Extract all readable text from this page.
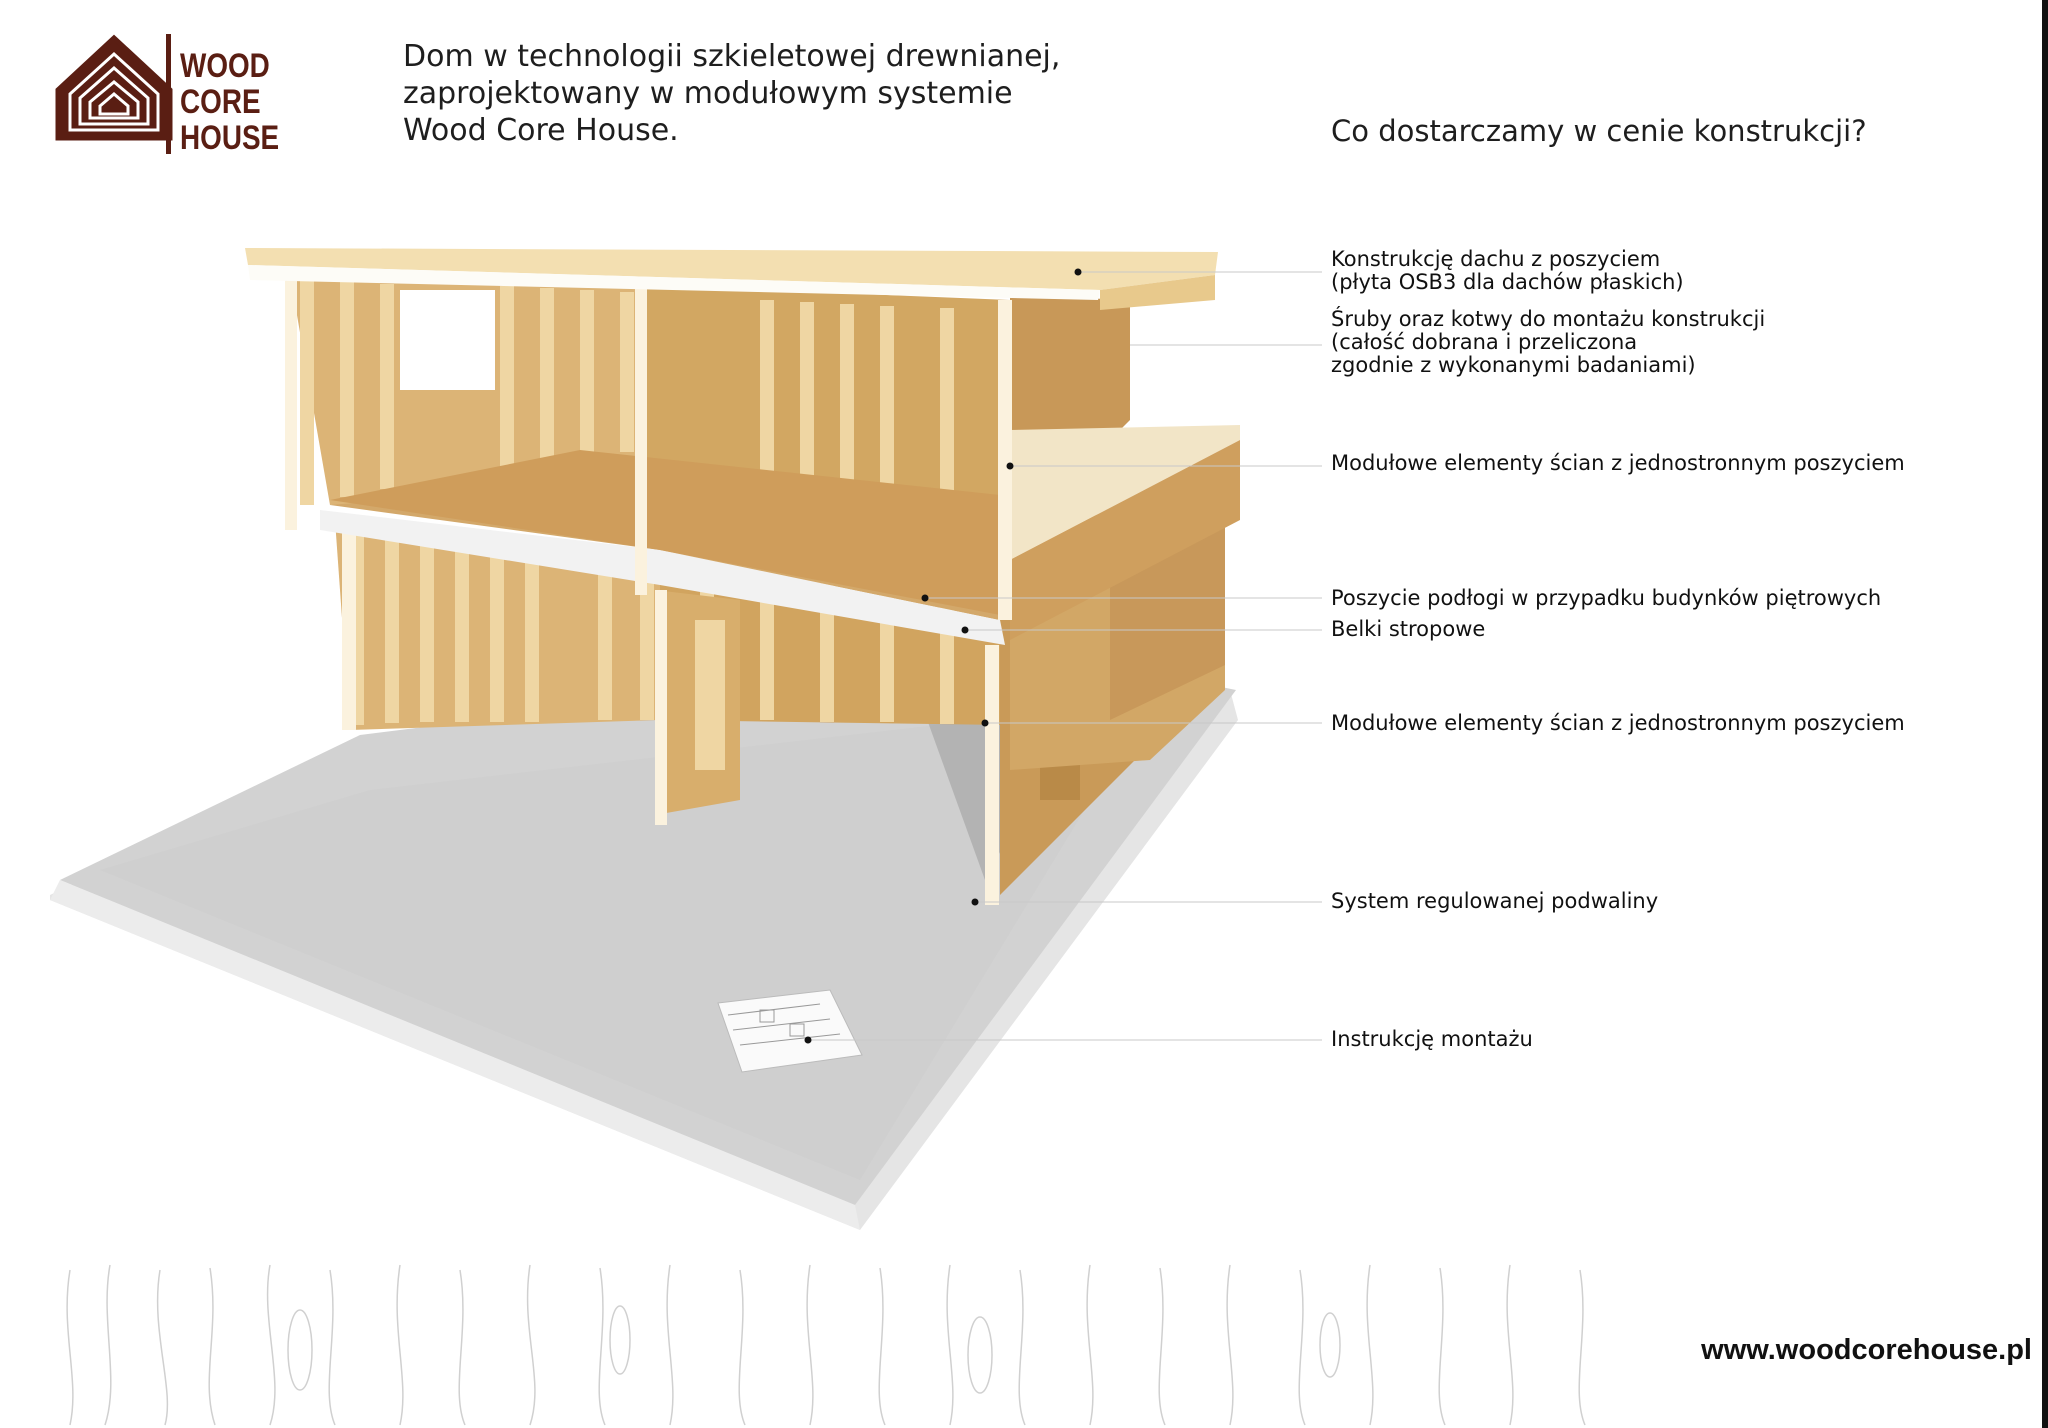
WOOD
CORE
HOUSE
Dom w technologii szkieletowej drewnianej,
zaprojektowany w modułowym systemie
Wood Core House.	Co dostarczamy w cenie konstrukcji?
Konstrukcję dachu z poszyciem
(płyta OSB3 dla dachów płaskich)
Śruby oraz kotwy do montażu konstrukcji
(całość dobrana i przeliczona
zgodnie z wykonanymi badaniami)
Modułowe elementy ścian z jednostronnym poszyciem
Poszycie podłogi w przypadku budynków piętrowych
Belki stropowe
Modułowe elementy ścian z jednostronnym poszyciem
System regulowanej podwaliny
Instrukcję montażu
www.woodcorehouse.pl
